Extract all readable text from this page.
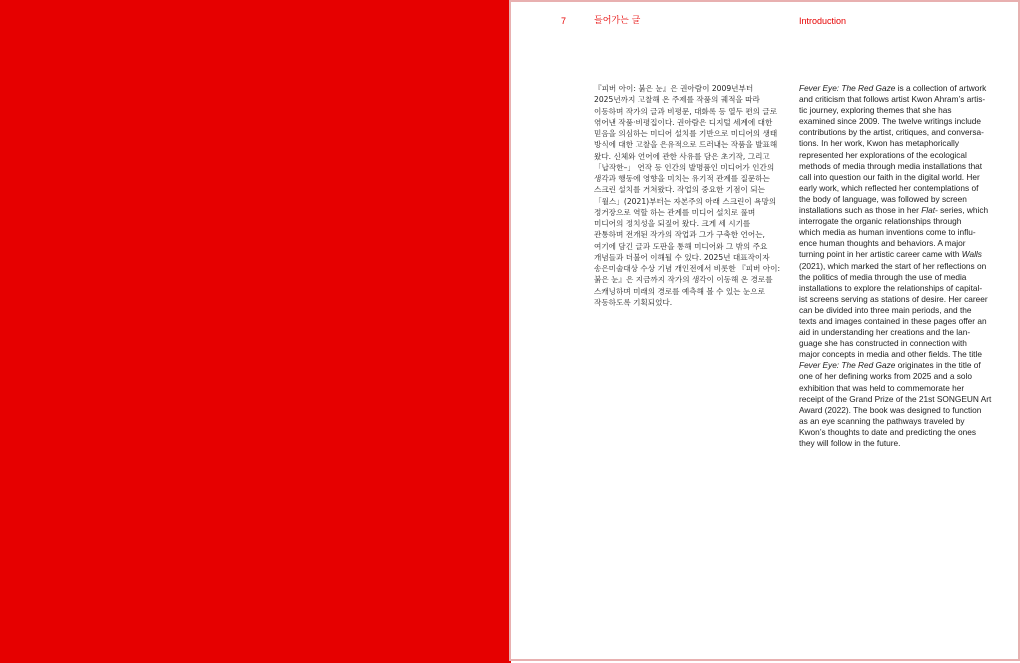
7	들어가는 글	Introduction
『피버 아이: 붉은 눈』은 권아람이 2009년부터
2025년까지 고찰해 온 주제를 작품의 궤적을 따라
이동하며 작가의 글과 비평문, 대화록 등 열두 편의 글로
엮어낸 작품·비평집이다. 권아람은 디지털 세계에 대한
믿음을 의심하는 미디어 설치를 기반으로 미디어의 생태
방식에 대한 고찰을 은유적으로 드러내는 작품을 발표해
왔다. 신체와 언어에 관한 사유를 담은 초기작, 그리고
「납작한–」 연작 등 인간의 발명품인 미디어가 인간의
생각과 행동에 영향을 미치는 유기적 관계를 질문하는
스크린 설치를 거쳐왔다. 작업의 중요한 기점이 되는
「월스」(2021)부터는 자본주의 아래 스크린이 욕망의
정거장으로 역할 하는 관계를 미디어 설치로 풀며
미디어의 정치성을 되짚어 왔다. 크게 세 시기를
관통하며 전개된 작가의 작업과 그가 구축한 언어는,
여기에 담긴 글과 도판을 통해 미디어와 그 밖의 주요
개념들과 더불어 이해될 수 있다. 2025년 대표작이자
송은미술대상 수상 기념 개인전에서 비롯한 『피버 아이:
붉은 눈』은 지금까지 작가의 생각이 이동해 온 경로를
스캐닝하며 미래의 경로를 예측해 볼 수 있는 눈으로
작동하도록 기획되었다.
Fever Eye: The Red Gaze is a collection of artwork
and criticism that follows artist Kwon Ahram’s artis-
tic journey, exploring themes that she has
examined since 2009. The twelve writings include
contributions by the artist, critiques, and conversa-
tions. In her work, Kwon has metaphorically
represented her explorations of the ecological
methods of media through media installations that
call into question our faith in the digital world. Her
early work, which reflected her contemplations of
the body of language, was followed by screen
installations such as those in her Flat- series, which
interrogate the organic relationships through
which media as human inventions come to influ-
ence human thoughts and behaviors. A major
turning point in her artistic career came with Walls
(2021), which marked the start of her reflections on
the politics of media through the use of media
installations to explore the relationships of capital-
ist screens serving as stations of desire. Her career
can be divided into three main periods, and the
texts and images contained in these pages offer an
aid in understanding her creations and the lan-
guage she has constructed in connection with
major concepts in media and other fields. The title
Fever Eye: The Red Gaze originates in the title of
one of her defining works from 2025 and a solo
exhibition that was held to commemorate her
receipt of the Grand Prize of the 21st SONGEUN Art
Award (2022). The book was designed to function
as an eye scanning the pathways traveled by
Kwon’s thoughts to date and predicting the ones
they will follow in the future.
